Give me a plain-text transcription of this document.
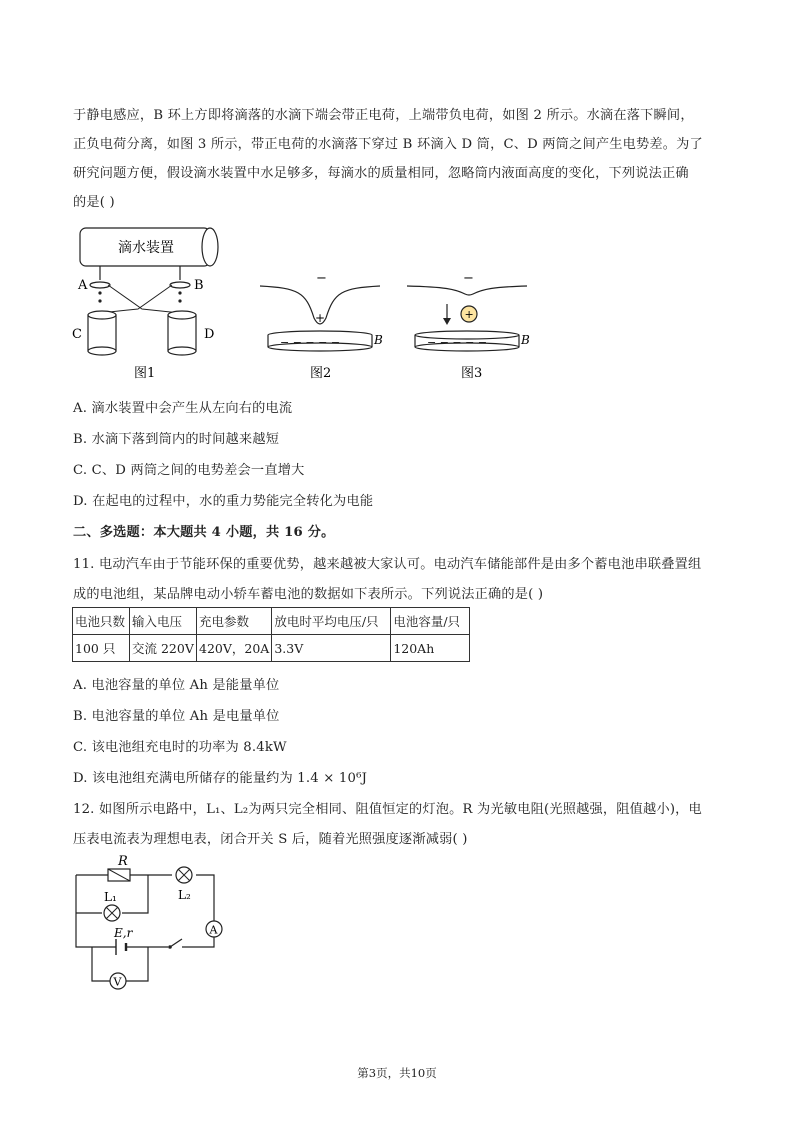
于静电感应，B 环上方即将滴落的水滴下端会带正电荷，上端带负电荷，如图 2 所示。水滴在落下瞬间，
正负电荷分离，如图 3 所示，带正电荷的水滴落下穿过 B 环滴入 D 筒，C、D 两筒之间产生电势差。为了
研究问题方便，假设滴水装置中水足够多，每滴水的质量相同，忽略筒内液面高度的变化，下列说法正确
的是( )
滴水装置
A	B
C	D
图1
−
+
− − − − −	B
图2
−
+
− − − − −	B
图3
A. 滴水装置中会产生从左向右的电流
B. 水滴下落到筒内的时间越来越短
C. C、D 两筒之间的电势差会一直增大
D. 在起电的过程中，水的重力势能完全转化为电能
二、多选题：本大题共 4 小题，共 16 分。
11. 电动汽车由于节能环保的重要优势，越来越被大家认可。电动汽车储能部件是由多个蓄电池串联叠置组
成的电池组，某品牌电动小轿车蓄电池的数据如下表所示。下列说法正确的是( )
电池只数	输入电压	充电参数	放电时平均电压/只	电池容量/只
100 只	交流 220V	420V，20A	3.3V	120Ah
A. 电池容量的单位 Ah 是能量单位
B. 电池容量的单位 Ah 是电量单位
C. 该电池组充电时的功率为 8.4kW
D. 该电池组充满电所储存的能量约为 1.4 × 10⁶J
12. 如图所示电路中，L₁、L₂为两只完全相同、阻值恒定的灯泡。R 为光敏电阻(光照越强，阻值越小)，电
压表电流表为理想电表，闭合开关 S 后，随着光照强度逐渐减弱( )
R
L₁	L₂
A
E,r
V
第3页，共10页
